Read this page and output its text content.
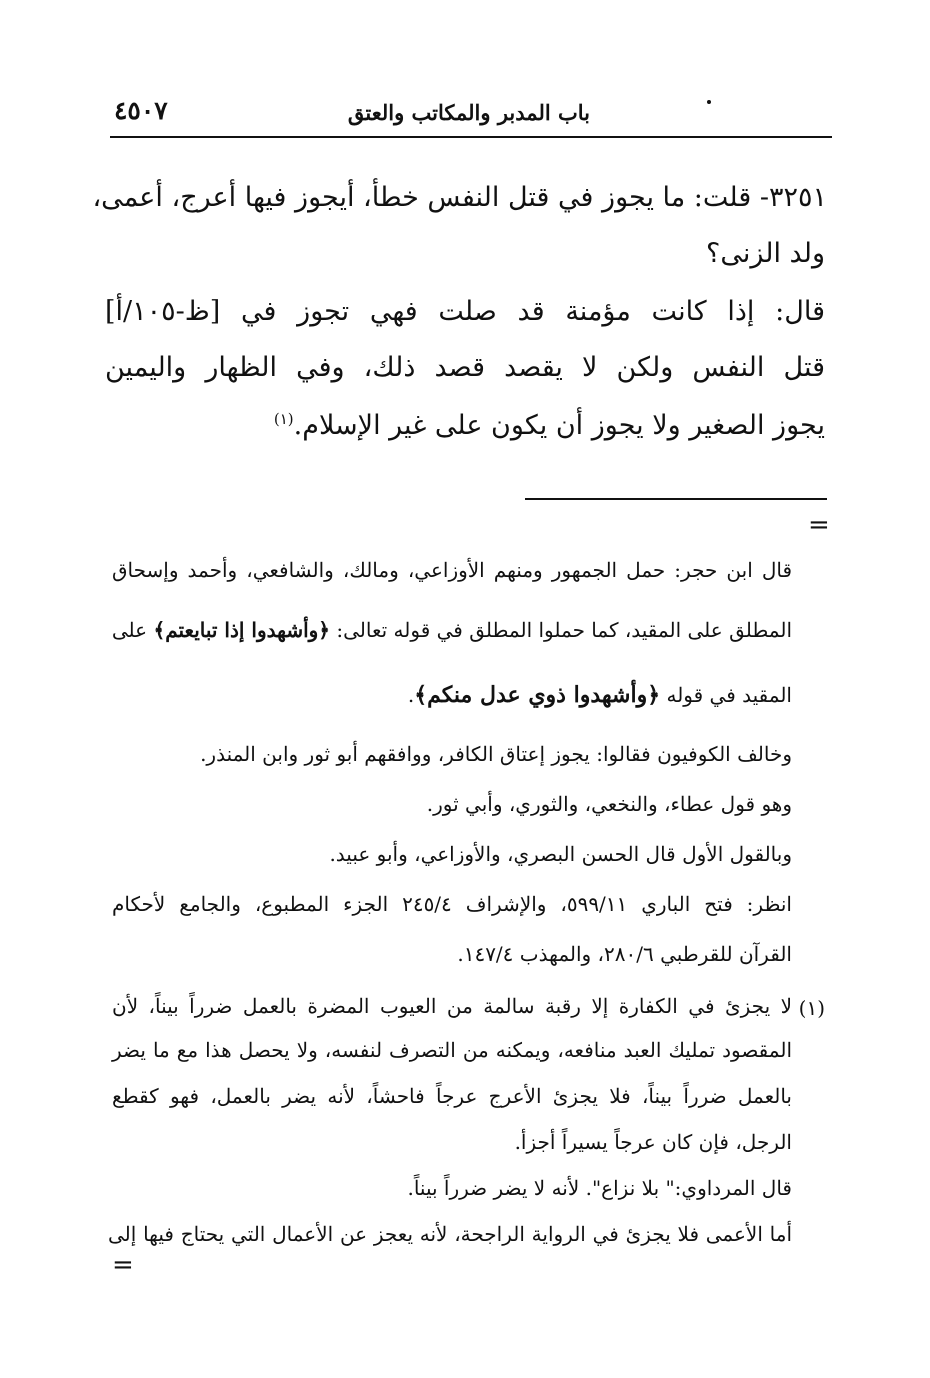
باب المدبر والمكاتب والعتق
٤٥٠٧
٣٢٥١- قلت: ما يجوز في قتل النفس خطأ، أيجوز فيها أعرج، أعمى،
ولد الزنى؟
قال: إذا كانت مؤمنة قد صلت فهي تجوز في [ظ-١٠٥/أ]
قتل النفس ولكن لا يقصد قصد ذلك، وفي الظهار واليمين
يجوز الصغير ولا يجوز أن يكون على غير الإسلام.$^{(١)}$
=
قال ابن حجر: حمل الجمهور ومنهم الأوزاعي، ومالك، والشافعي، وأحمد وإسحاق
المطلق على المقيد، كما حملوا المطلق في قوله تعالى: ﴿وأشهدوا إذا تبايعتم﴾ على
المقيد في قوله ﴿وأشهدوا ذوي عدل منكم﴾.
وخالف الكوفيون فقالوا: يجوز إعتاق الكافر، ووافقهم أبو ثور وابن المنذر.
وهو قول عطاء، والنخعي، والثوري، وأبي ثور.
وبالقول الأول قال الحسن البصري، والأوزاعي، وأبو عبيد.
انظر: فتح الباري ٥٩٩/١١، والإشراف ٢٤٥/٤ الجزء المطبوع، والجامع لأحكام
القرآن للقرطبي ٢٨٠/٦، والمهذب ١٤٧/٤.
لا يجزئ في الكفارة إلا رقبة سالمة من العيوب المضرة بالعمل ضرراً بيناً، لأن
المقصود تمليك العبد منافعه، ويمكنه من التصرف لنفسه، ولا يحصل هذا مع ما يضر
بالعمل ضرراً بيناً، فلا يجزئ الأعرج عرجاً فاحشاً، لأنه يضر بالعمل، فهو كقطع
الرجل، فإن كان عرجاً يسيراً أجزأ.
قال المرداوي:" بلا نزاع". لأنه لا يضر ضرراً بيناً.
(١)
أما الأعمى فلا يجزئ في الرواية الراجحة، لأنه يعجز عن الأعمال التي يحتاج فيها إلى
=
